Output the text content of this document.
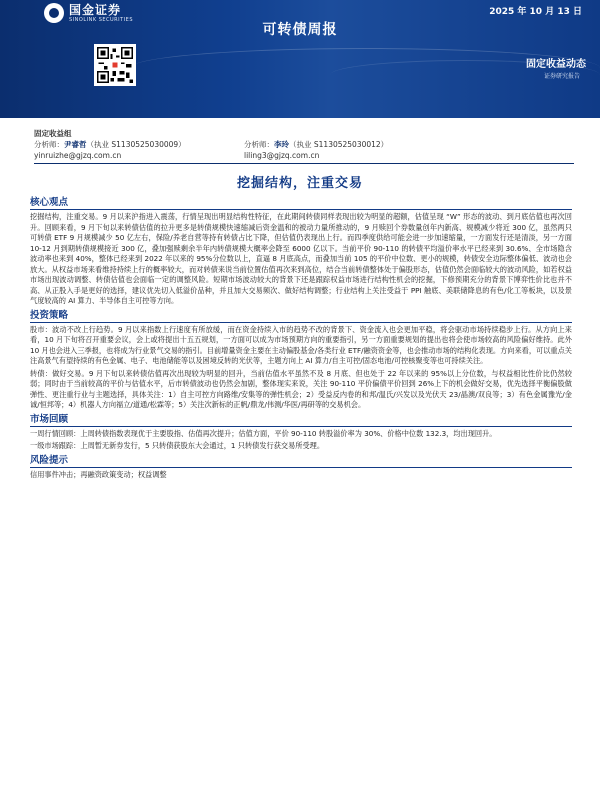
国金证券
SINOLINK SECURITIES
2025 年 10 月 13 日
可转债周报
固定收益动态
证券研究报告
固定收益组
分析师：尹睿哲（执业 S1130525030009）	分析师：李玲（执业 S1130525030012）
yinruizhe@gjzq.com.cn	liling3@gjzq.com.cn
挖掘结构，注重交易
核心观点

挖掘结构，注重交易。9 月以来沪指进入震荡，行情呈现出明显结构性特征，在此期间转债同样表现出较为明显的超额，估值呈现 “W” 形态的波动、到月底估值也再次回升。回顾来看，9 月下旬以来转债估值的拉升更多是转债规模快速缩减后资金温和的被动力量所推动的，9 月赎回个券数量创年内新高、规模减少将近 300 亿，虽然两只可转债 ETF 9 月规模减少 50 亿左右，保险/养老自营等持有转债占比下降，但估值仍表现出上行。而四季度供给可能会进一步加速缩量，一方面发行还是清淡，另一方面 10-12 月到期转债规模接近 300 亿，叠加强赎剩余半年内转债规模大概率会降至 6000 亿以下。当前平价 90-110 的转债平均溢价率水平已经来到 30.6%、全市场隐含波动率也来到 40%，整体已经来到 2022 年以来的 95%分位数以上，直逼 8 月底高点，而叠加当前 105 的平价中位数、更小的规模，转债安全边际整体偏低、波动也会放大。从权益市场来看维持持续上行的概率较大，而对转债来说当前位置估值再次来到高位，结合当前转债整体处于偏股形态，估值仍然会面临较大的波动风险，如若权益市场出现波动调整、转债估值也会面临一定的调整风险。短期市场波动较大的背景下还是跟踪权益市场进行结构性机会的挖掘，下修预期充分的背景下博弈性价比也并不高、从正股入手是更好的选择，建议优先切入低溢价品种，并且加大交易频次、做好结构调整；行业结构上关注受益于 PPI 触底、美联储降息的有色/化工等板块，以及景气度较高的 AI 算力、半导体自主可控等方向。

投资策略

股市：波动不改上行趋势。9 月以来指数上行速度有所放缓，而在资金持续入市的趋势不改的背景下、资金流入也会更加平稳，将会驱动市场持续稳步上行。从方向上来看，10 月下旬将召开重要会议，会上或将提出十五五规划，一方面可以成为市场预期方向的重要指引，另一方面重要规划的提出也将会使市场较高的风险偏好维持。此外 10 月也会进入三季报，也将成为行业景气交易的指引。目前增量资金主要在主动偏股基金/各类行业 ETF/融资资金等，也会推动市场的结构化表现。方向来看，可以重点关注高景气有望持续的有色金属、电子、电池储能等以及困境反转的光伏等，主题方向上 AI 算力/自主可控/固态电池/可控核聚变等也可持续关注。

转债：做好交易。9 月下旬以来转债估值再次出现较为明显的回升，当前估值水平虽然不及 8 月底、但也处于 22 年以来的 95%以上分位数，与权益相比性价比仍然较弱；同时由于当前较高的平价与估值水平，后市转债波动也仍然会加剧，整体现实来说，关注 90-110 平价偏债平价回到 26%上下的机会做好交易，优先选择平衡偏股做弹性、更注重行业与主题选择，具体关注：1）自主可控方向路维/安集等的弹性机会；2）受益反内卷的和邦/温氏/兴发以及光伏天 23/晶澳/双良等；3）有色金属豫光/金诚/恒邦等；4）机器人方向福立/道通/松霖等；5）关注次新标的正帆/鼎龙/伟测/华医/再研等的交易机会。

市场回顾

一周行情回顾：上周转债指数表现优于主要股指、估值再次提升；估值方面，平价 90-110 转股溢价率为 30%、价格中位数 132.3，均出现回升。

一级市场跟踪：上周暂无新券发行，5 只转债获股东大会通过，1 只转债发行获交易所受理。

风险提示

信用事件冲击；再融资政策变动；权益调整
